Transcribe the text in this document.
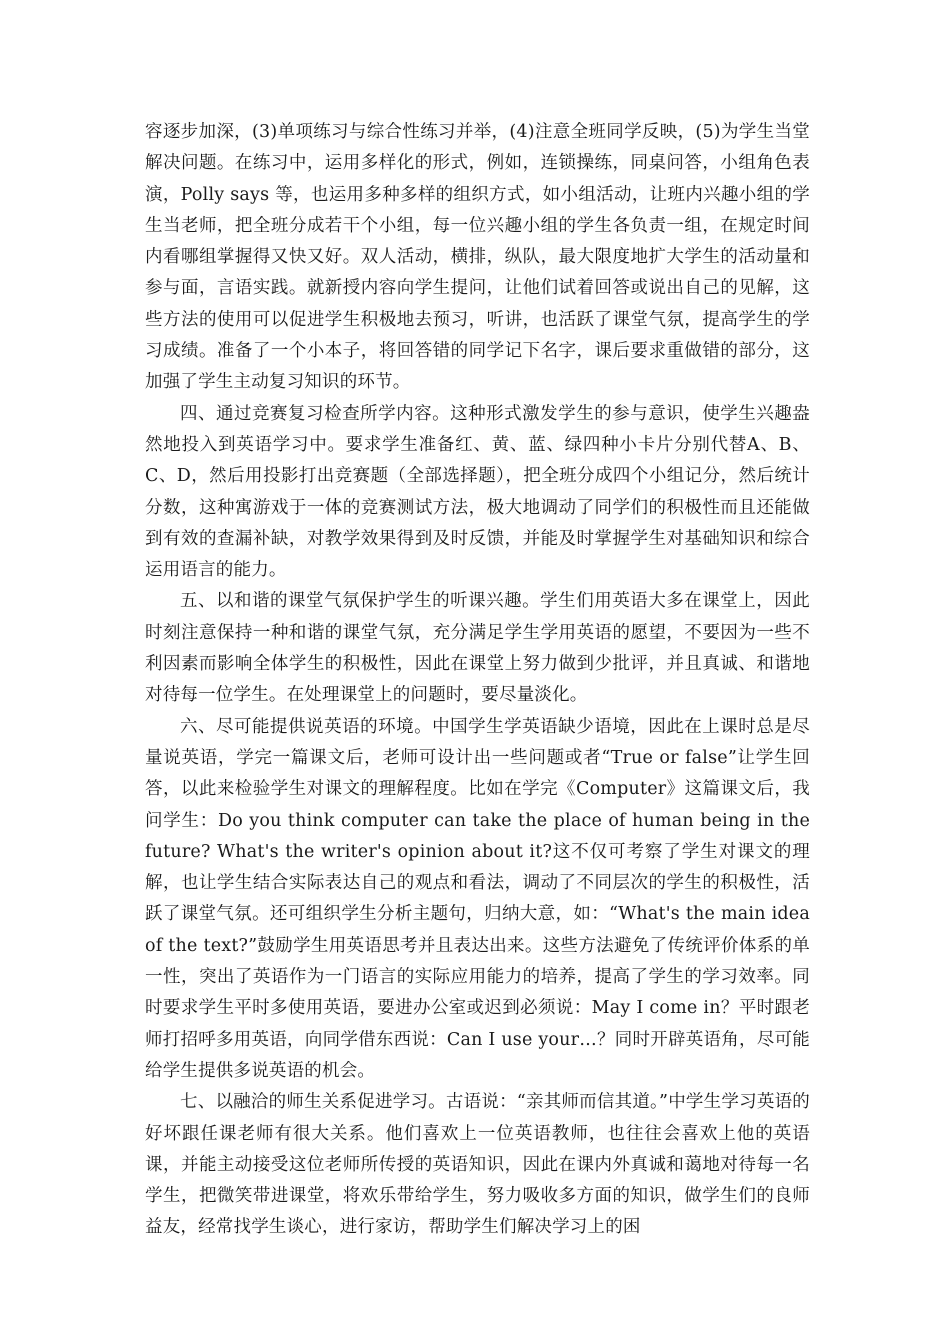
容逐步加深，(3)单项练习与综合性练习并举，(4)注意全班同学反映，(5)为学生当堂解决问题。在练习中，运用多样化的形式，例如，连锁操练，同桌问答，小组角色表演，Polly says 等，也运用多种多样的组织方式，如小组活动，让班内兴趣小组的学生当老师，把全班分成若干个小组，每一位兴趣小组的学生各负责一组，在规定时间内看哪组掌握得又快又好。双人活动，横排，纵队，最大限度地扩大学生的活动量和参与面，言语实践。就新授内容向学生提问，让他们试着回答或说出自己的见解，这些方法的使用可以促进学生积极地去预习，听讲，也活跃了课堂气氛，提高学生的学习成绩。准备了一个小本子，将回答错的同学记下名字，课后要求重做错的部分，这加强了学生主动复习知识的环节。

四、通过竞赛复习检查所学内容。这种形式激发学生的参与意识，使学生兴趣盎然地投入到英语学习中。要求学生准备红、黄、蓝、绿四种小卡片分别代替A、B、C、D，然后用投影打出竞赛题（全部选择题），把全班分成四个小组记分，然后统计分数，这种寓游戏于一体的竞赛测试方法，极大地调动了同学们的积极性而且还能做到有效的查漏补缺，对教学效果得到及时反馈，并能及时掌握学生对基础知识和综合运用语言的能力。

五、以和谐的课堂气氛保护学生的听课兴趣。学生们用英语大多在课堂上，因此时刻注意保持一种和谐的课堂气氛，充分满足学生学用英语的愿望，不要因为一些不利因素而影响全体学生的积极性，因此在课堂上努力做到少批评，并且真诚、和谐地对待每一位学生。在处理课堂上的问题时，要尽量淡化。

六、尽可能提供说英语的环境。中国学生学英语缺少语境，因此在上课时总是尽量说英语，学完一篇课文后，老师可设计出一些问题或者“True or false”让学生回答，以此来检验学生对课文的理解程度。比如在学完《Computer》这篇课文后，我问学生：Do you think computer can take the place of human being in the future? What's the writer's opinion about it?这不仅可考察了学生对课文的理解，也让学生结合实际表达自己的观点和看法，调动了不同层次的学生的积极性，活跃了课堂气氛。还可组织学生分析主题句，归纳大意，如：“What's the main idea of the text?”鼓励学生用英语思考并且表达出来。这些方法避免了传统评价体系的单一性，突出了英语作为一门语言的实际应用能力的培养，提高了学生的学习效率。同时要求学生平时多使用英语，要进办公室或迟到必须说：May I come in？平时跟老师打招呼多用英语，向同学借东西说：Can I use your…？同时开辟英语角，尽可能给学生提供多说英语的机会。

七、以融洽的师生关系促进学习。古语说：“亲其师而信其道。”中学生学习英语的好坏跟任课老师有很大关系。他们喜欢上一位英语教师，也往往会喜欢上他的英语课，并能主动接受这位老师所传授的英语知识，因此在课内外真诚和蔼地对待每一名学生，把微笑带进课堂，将欢乐带给学生，努力吸收多方面的知识，做学生们的良师益友，经常找学生谈心，进行家访，帮助学生们解决学习上的困
